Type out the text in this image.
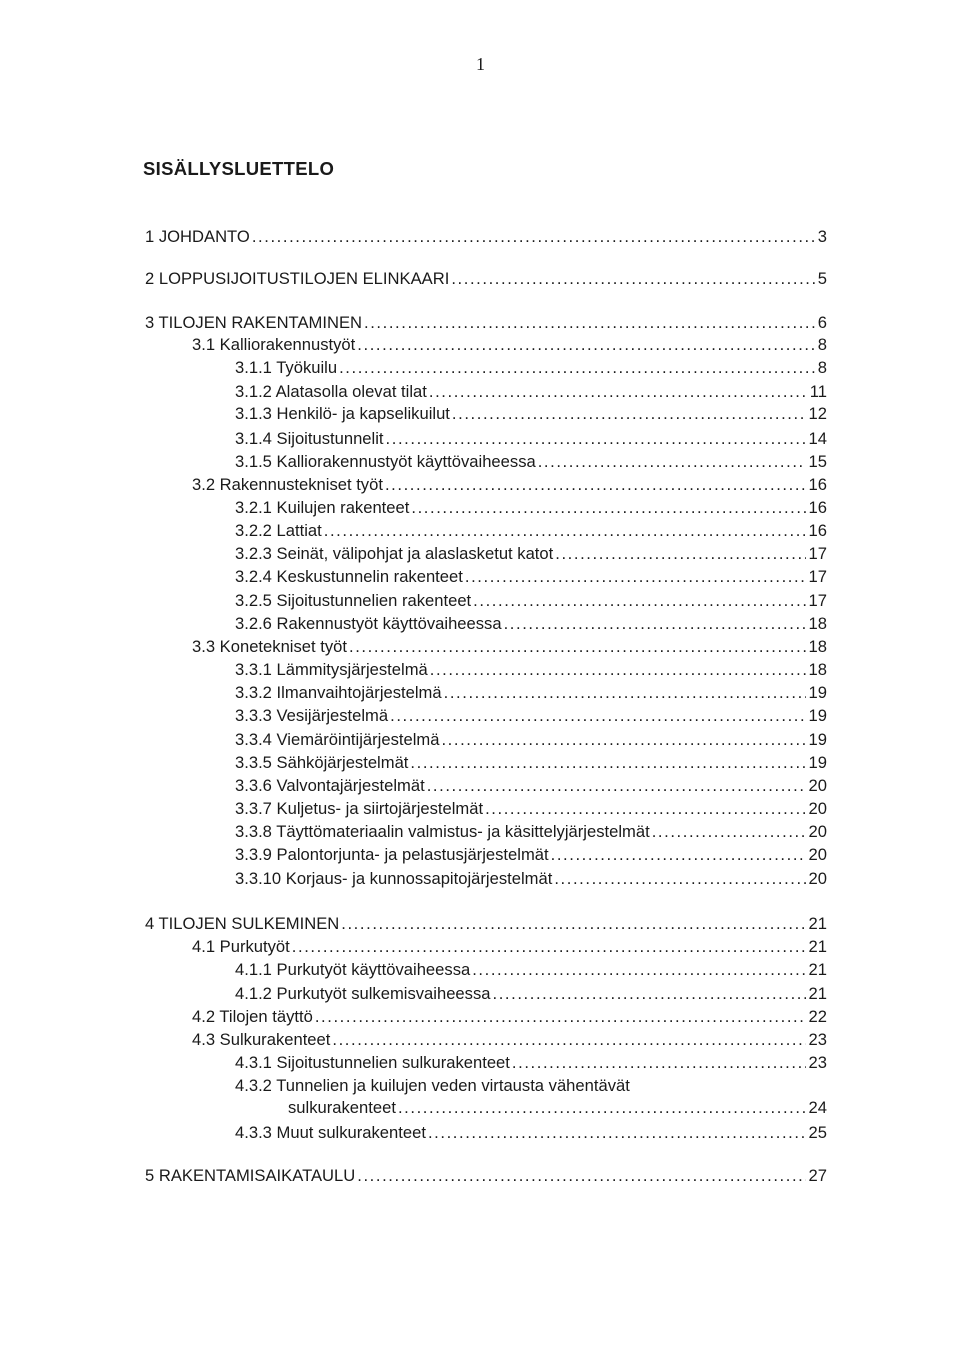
1
SISÄLLYSLUETTELO
1 JOHDANTO .....	3
2 LOPPUSIJOITUSTILOJEN ELINKAARI .....	5
3 TILOJEN RAKENTAMINEN .....	6
3.1 Kalliorakennustyöt .....	8
3.1.1 Työkuilu .....	8
3.1.2 Alatasolla olevat tilat .....	11
3.1.3 Henkilö- ja kapselikuilut .....	12
3.1.4 Sijoitustunnelit .....	14
3.1.5 Kalliorakennustyöt käyttövaiheessa .....	15
3.2 Rakennustekniset työt .....	16
3.2.1 Kuilujen rakenteet .....	16
3.2.2 Lattiat .....	16
3.2.3 Seinät, välipohjat ja alaslasketut katot .....	17
3.2.4 Keskustunnelin rakenteet .....	17
3.2.5 Sijoitustunnelien rakenteet .....	17
3.2.6 Rakennustyöt käyttövaiheessa .....	18
3.3 Konetekniset työt .....	18
3.3.1 Lämmitysjärjestelmä .....	18
3.3.2 Ilmanvaihtojärjestelmä .....	19
3.3.3 Vesijärjestelmä .....	19
3.3.4 Viemäröintijärjestelmä .....	19
3.3.5 Sähköjärjestelmät .....	19
3.3.6 Valvontajärjestelmät .....	20
3.3.7 Kuljetus- ja siirtojärjestelmät .....	20
3.3.8 Täyttömateriaalin valmistus- ja käsittelyjärjestelmät .....	20
3.3.9 Palontorjunta- ja pelastusjärjestelmät .....	20
3.3.10 Korjaus- ja kunnossapitojärjestelmät .....	20
4 TILOJEN SULKEMINEN .....	21
4.1 Purkutyöt .....	21
4.1.1 Purkutyöt käyttövaiheessa .....	21
4.1.2 Purkutyöt sulkemisvaiheessa .....	21
4.2 Tilojen täyttö .....	22
4.3 Sulkurakenteet .....	23
4.3.1 Sijoitustunnelien sulkurakenteet .....	23
4.3.2 Tunnelien ja kuilujen veden virtausta vähentävät
sulkurakenteet .....	24
4.3.3 Muut sulkurakenteet .....	25
5 RAKENTAMISAIKATAULU .....	27
